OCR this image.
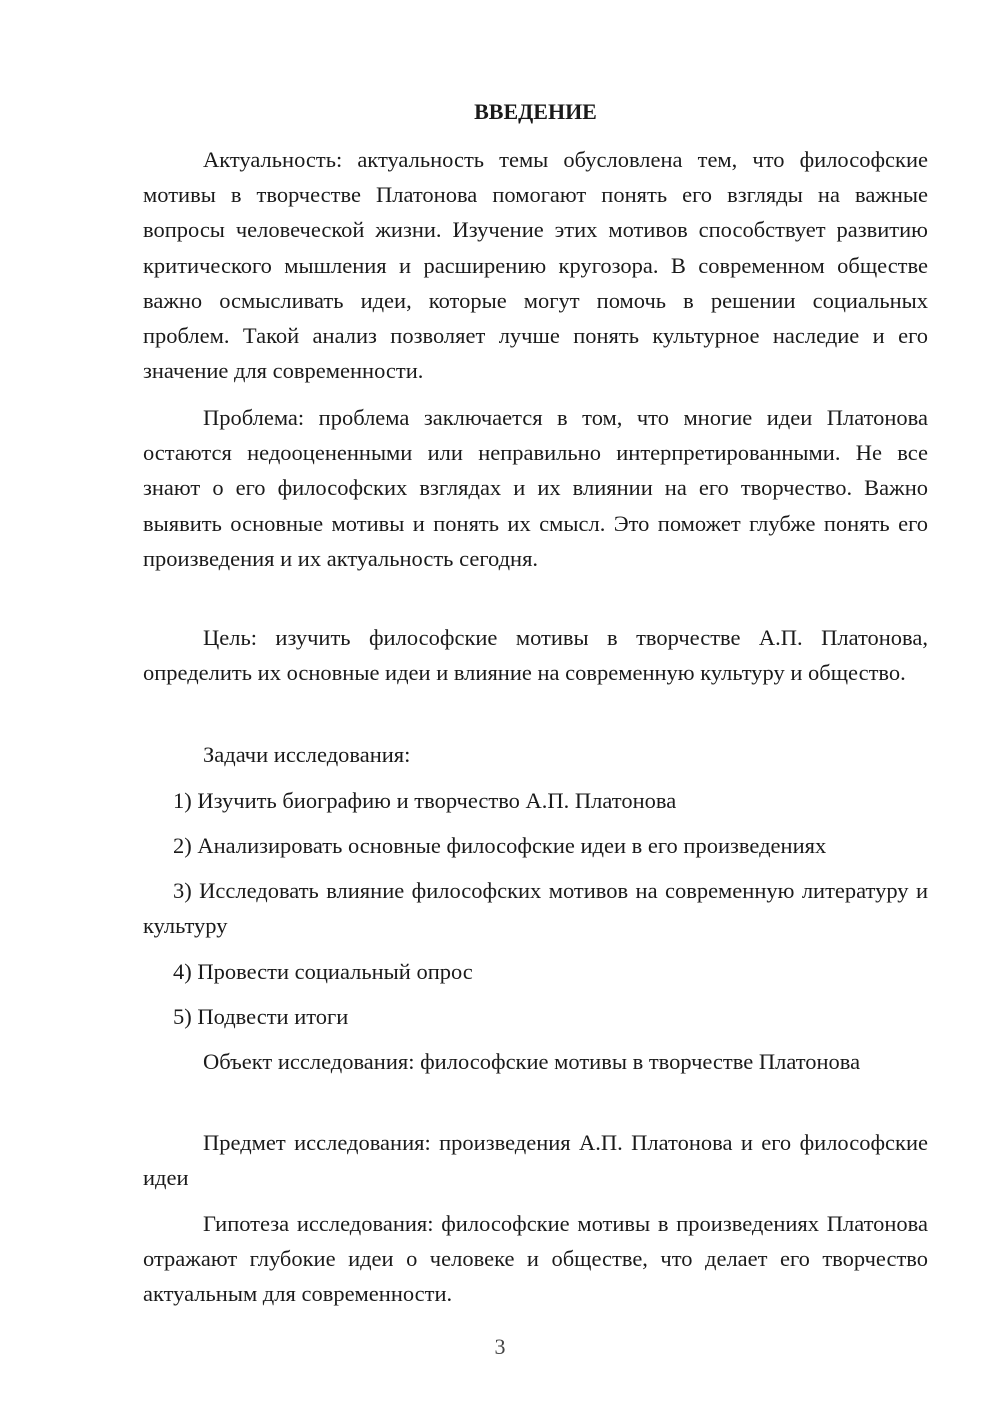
ВВЕДЕНИЕ

Актуальность: актуальность темы обусловлена тем, что философские мотивы в творчестве Платонова помогают понять его взгляды на важные вопросы человеческой жизни. Изучение этих мотивов способствует развитию критического мышления и расширению кругозора. В современном обществе важно осмысливать идеи, которые могут помочь в решении социальных проблем. Такой анализ позволяет лучше понять культурное наследие и его значение для современности.

Проблема: проблема заключается в том, что многие идеи Платонова остаются недооцененными или неправильно интерпретированными. Не все знают о его философских взглядах и их влиянии на его творчество. Важно выявить основные мотивы и понять их смысл. Это поможет глубже понять его произведения и их актуальность сегодня.

Цель: изучить философские мотивы в творчестве А.П. Платонова, определить их основные идеи и влияние на современную культуру и общество.

Задачи исследования:

1) Изучить биографию и творчество А.П. Платонова

2) Анализировать основные философские идеи в его произведениях

3) Исследовать влияние философских мотивов на современную литературу и культуру

4) Провести социальный опрос

5) Подвести итоги

Объект исследования: философские мотивы в творчестве Платонова

Предмет исследования: произведения А.П. Платонова и его философские идеи

Гипотеза исследования: философские мотивы в произведениях Платонова отражают глубокие идеи о человеке и обществе, что делает его творчество актуальным для современности.

3
